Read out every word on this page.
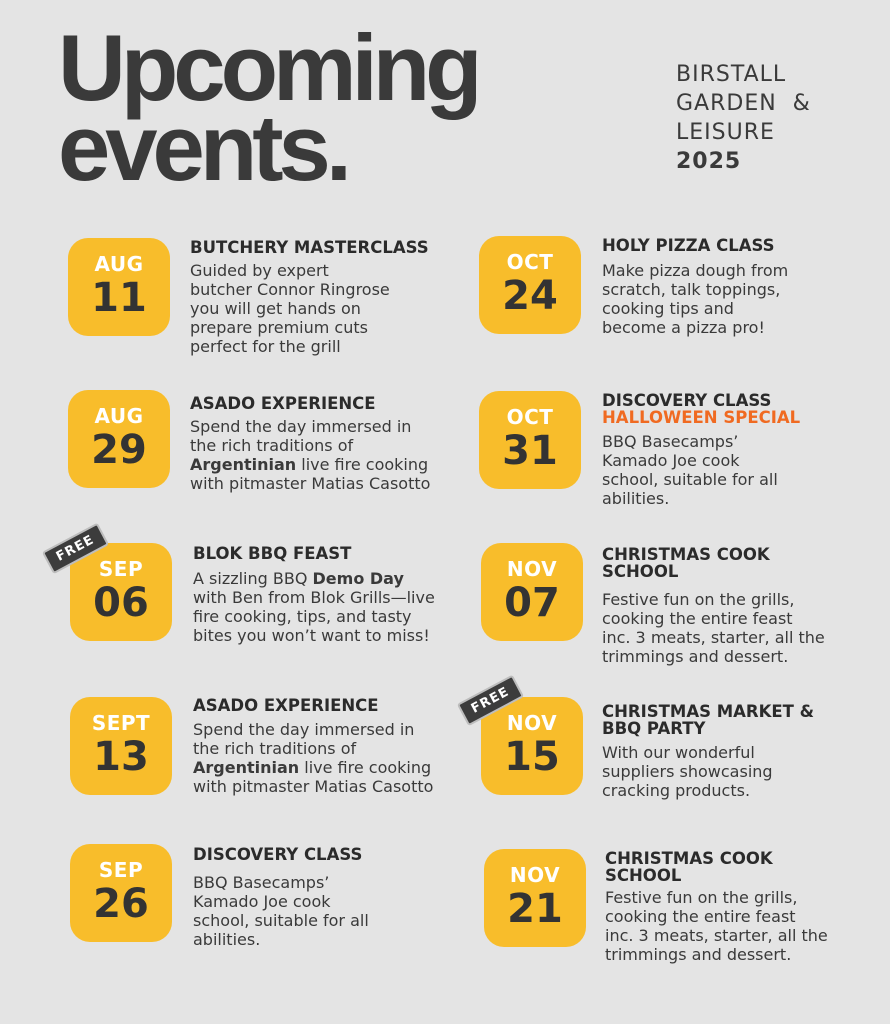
Upcoming
events.
BIRSTALL
GARDEN  &
LEISURE
2025
AUG
11
BUTCHERY MASTERCLASS
Guided by expert
butcher Connor Ringrose
you will get hands on
prepare premium cuts
perfect for the grill
AUG
29
ASADO EXPERIENCE
Spend the day immersed in the rich traditions of Argentinian live fire cooking with pitmaster Matias Casotto
SEP
06
FREE	BLOK BBQ FEAST
A sizzling BBQ Demo Day with Ben from Blok Grills—live fire cooking, tips, and tasty bites you won’t want to miss!
SEPT
13
ASADO EXPERIENCE
Spend the day immersed in the rich traditions of Argentinian live fire cooking with pitmaster Matias Casotto
SEP
26
DISCOVERY CLASS
BBQ Basecamps’
Kamado Joe cook
school, suitable for all
abilities.
OCT
24
HOLY PIZZA CLASS
Make pizza dough from
scratch, talk toppings,
cooking tips and
become a pizza pro!
OCT
31
DISCOVERY CLASS
HALLOWEEN SPECIAL
BBQ Basecamps’
Kamado Joe cook
school, suitable for all
abilities.
NOV
07
CHRISTMAS COOK
SCHOOL
Festive fun on the grills,
cooking the entire feast
inc. 3 meats, starter, all the
trimmings and dessert.
NOV
15
FREE	CHRISTMAS MARKET &
BBQ PARTY
With our wonderful
suppliers showcasing
cracking products.
NOV
21
CHRISTMAS COOK
SCHOOL
Festive fun on the grills,
cooking the entire feast
inc. 3 meats, starter, all the
trimmings and dessert.
